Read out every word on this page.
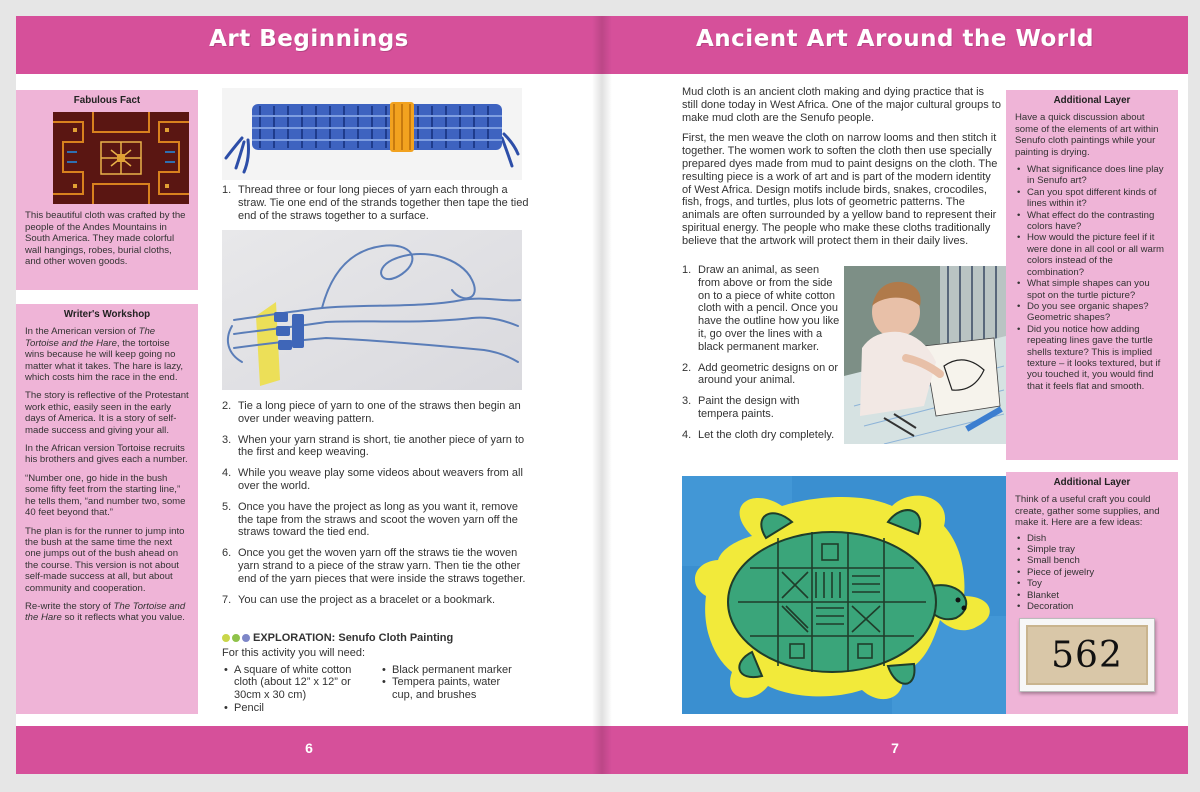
Art Beginnings
Fabulous Fact

This beautiful cloth was crafted by the people of the Andes Mountains in South America. They made colorful wall hangings, robes, burial cloths, and other woven goods.

Writer's Workshop

In the American version of The Tortoise and the Hare, the tortoise wins because he will keep going no matter what it takes. The hare is lazy, which costs him the race in the end.

The story is reflective of the Protestant work ethic, easily seen in the early days of America. It is a story of self-made success and giving your all.

In the African version Tortoise recruits his brothers and gives each a number.

“Number one, go hide in the bush some fifty feet from the starting line,” he tells them, “and number two, some 40 feet beyond that.”

The plan is for the runner to jump into the bush at the same time the next one jumps out of the bush ahead on the course. This version is not about self-made success at all, but about community and cooperation.

Re-write the story of The Tortoise and the Hare so it reflects what you value.

1. Thread three or four long pieces of yarn each through a straw. Tie one end of the strands together then tape the tied end of the straws together to a surface.
2. Tie a long piece of yarn to one of the straws then begin an over under weaving pattern.
3. When your yarn strand is short, tie another piece of yarn to the first and keep weaving.
4. While you weave play some videos about weavers from all over the world.
5. Once you have the project as long as you want it, remove the tape from the straws and scoot the woven yarn off the straws toward the tied end.
6. Once you get the woven yarn off the straws tie the woven yarn strand to a piece of the straw yarn. Then tie the other end of the yarn pieces that were inside the straws together.
7. You can use the project as a bracelet or a bookmark.
EXPLORATION: Senufo Cloth Painting
For this activity you will need:
A square of white cotton cloth (about 12” x 12” or 30cm x 30 cm)
•
Pencil
•
Black permanent marker
•
Tempera paints, water cup, and brushes
•
6
Ancient Art Around the World

Mud cloth is an ancient cloth making and dying practice that is still done today in West Africa. One of the major cultural groups to make mud cloth are the Senufo people.

First, the men weave the cloth on narrow looms and then stitch it together. The women work to soften the cloth then use specially prepared dyes made from mud to paint designs on the cloth. The resulting piece is a work of art and is part of the modern identity of West Africa. Design motifs include birds, snakes, crocodiles, fish, frogs, and turtles, plus lots of geometric patterns. The animals are often surrounded by a yellow band to represent their spiritual energy. The people who make these cloths traditionally believe that the artwork will protect them in their daily lives.

1. Draw an animal, as seen from above or from the side on to a piece of white cotton cloth with a pencil. Once you have the outline how you like it, go over the lines with a black permanent marker.
2. Add geometric designs on or around your animal.
3. Paint the design with tempera paints.
4. Let the cloth dry completely.
Additional Layer

Have a quick discussion about some of the elements of art within Senufo cloth paintings while your painting is drying.

• What significance does line play in Senufo art?
• Can you spot different kinds of lines within it?
• What effect do the contrasting colors have?
• How would the picture feel if it were done in all cool or all warm colors instead of the combination?
• What simple shapes can you spot on the turtle picture?
• Do you see organic shapes? Geometric shapes?
• Did you notice how adding repeating lines gave the turtle shells texture? This is implied texture – it looks textured, but if you touched it, you would find that it feels flat and smooth.
Additional Layer

Think of a useful craft you could create, gather some supplies, and make it. Here are a few ideas:

• Dish
• Simple tray
• Small bench
• Piece of jewelry
• Toy
• Blanket
• Decoration
562
7
